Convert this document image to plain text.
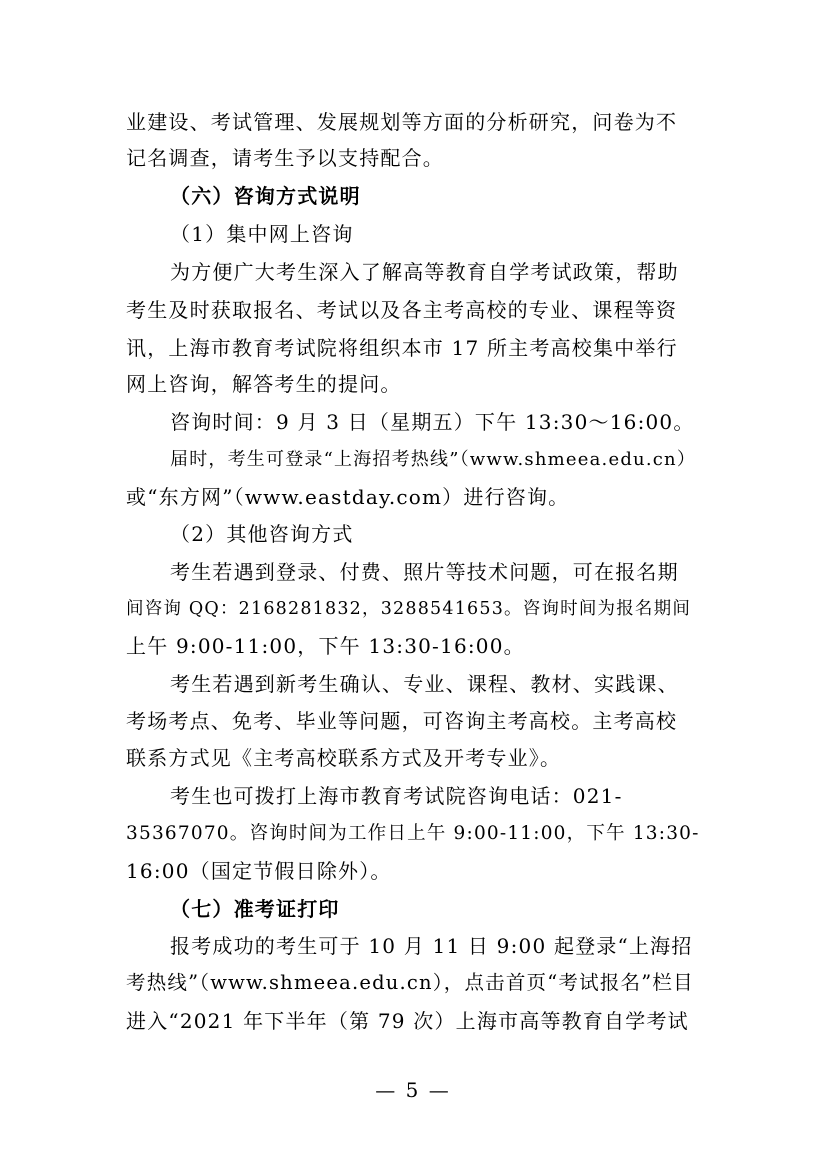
业建设、考试管理、发展规划等方面的分析研究，问卷为不
记名调查，请考生予以支持配合。
（六）咨询方式说明
（1）集中网上咨询
为方便广大考生深入了解高等教育自学考试政策，帮助
考生及时获取报名、考试以及各主考高校的专业、课程等资
讯，上海市教育考试院将组织本市 17 所主考高校集中举行
网上咨询，解答考生的提问。
咨询时间：9 月 3 日（星期五）下午 13:30～16:00。
届时，考生可登录“上海招考热线”（www.shmeea.edu.cn）
或“东方网”（www.eastday.com）进行咨询。
（2）其他咨询方式
考生若遇到登录、付费、照片等技术问题，可在报名期
间咨询 QQ：2168281832，3288541653。咨询时间为报名期间
上午 9:00-11:00，下午 13:30-16:00。
考生若遇到新考生确认、专业、课程、教材、实践课、
考场考点、免考、毕业等问题，可咨询主考高校。主考高校
联系方式见《主考高校联系方式及开考专业》。
考生也可拨打上海市教育考试院咨询电话：021-
35367070。咨询时间为工作日上午 9:00-11:00，下午 13:30-
16:00（国定节假日除外）。
（七）准考证打印
报考成功的考生可于 10 月 11 日 9:00 起登录“上海招
考热线”（www.shmeea.edu.cn），点击首页“考试报名”栏目
进入“2021 年下半年（第 79 次）上海市高等教育自学考试
— 5 —
